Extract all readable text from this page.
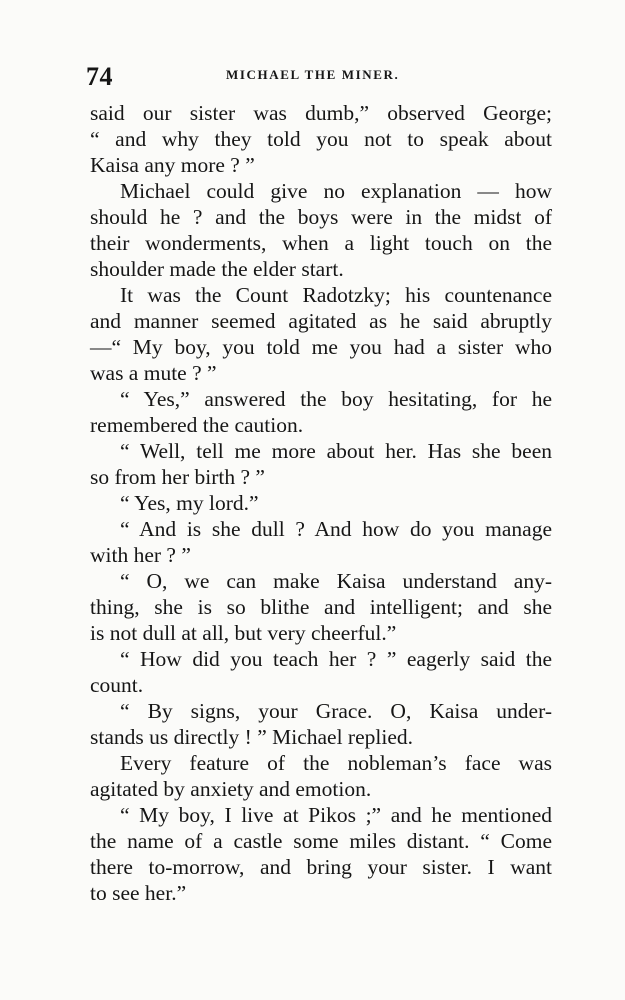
74	MICHAEL THE MINER.
said our sister was dumb,” observed George;
“ and why they told you not to speak about
Kaisa any more ? ”
Michael could give no explanation — how
should he ? and the boys were in the midst of
their wonderments, when a light touch on the
shoulder made the elder start.
It was the Count Radotzky; his countenance
and manner seemed agitated as he said abruptly
—“ My boy, you told me you had a sister who
was a mute ? ”
“ Yes,” answered the boy hesitating, for he
remembered the caution.
“ Well, tell me more about her. Has she been
so from her birth ? ”
“ Yes, my lord.”
“ And is she dull ? And how do you manage
with her ? ”
“ O, we can make Kaisa understand any-
thing, she is so blithe and intelligent; and she
is not dull at all, but very cheerful.”
“ How did you teach her ? ” eagerly said the
count.
“ By signs, your Grace. O, Kaisa under-
stands us directly ! ” Michael replied.
Every feature of the nobleman’s face was
agitated by anxiety and emotion.
“ My boy, I live at Pikos ;” and he mentioned
the name of a castle some miles distant. “ Come
there to-morrow, and bring your sister. I want
to see her.”
